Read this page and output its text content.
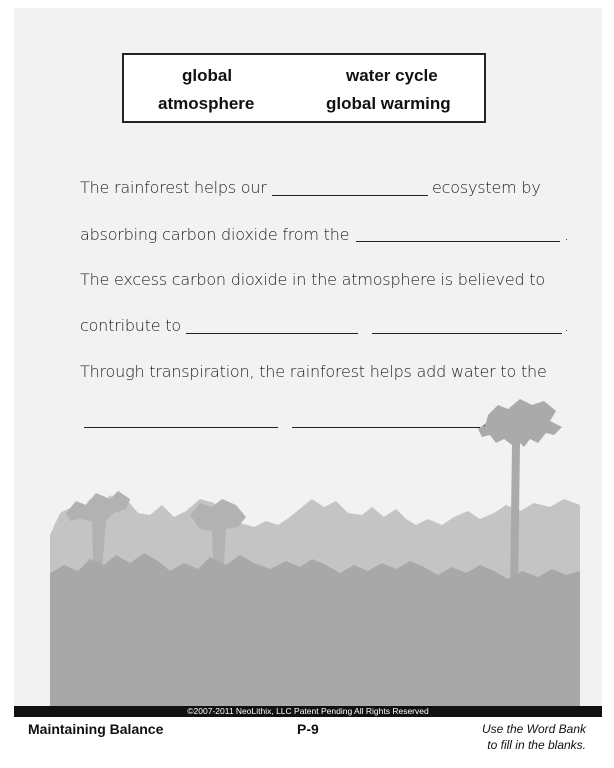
global	water cycle
atmosphere	global warming
The rainforest helps our	ecosystem by
absorbing carbon dioxide from the	.
The excess carbon dioxide in the atmosphere is believed to
contribute to	.
Through transpiration, the rainforest helps add water to the
.
©2007-2011 NeoLithix, LLC Patent Pending All Rights Reserved
Maintaining Balance	P-9	Use the Word Bank
to fill in the blanks.
